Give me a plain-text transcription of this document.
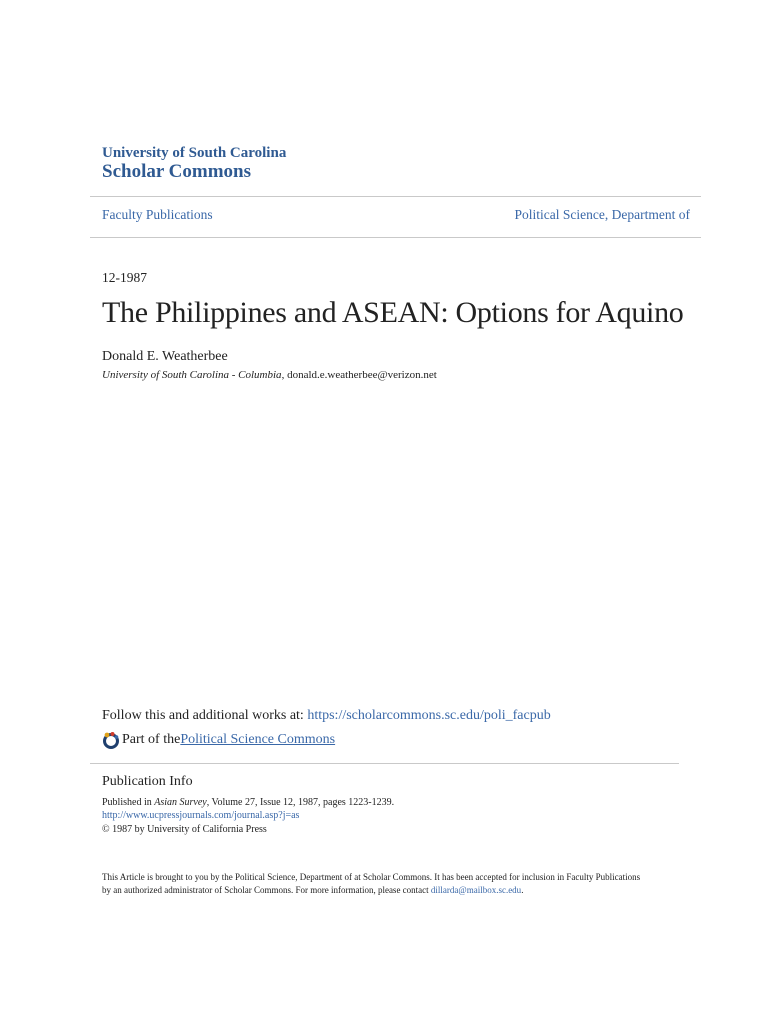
University of South Carolina
Scholar Commons
Faculty Publications	Political Science, Department of
12-1987
The Philippines and ASEAN: Options for Aquino
Donald E. Weatherbee
University of South Carolina - Columbia, donald.e.weatherbee@verizon.net
Follow this and additional works at: https://scholarcommons.sc.edu/poli_facpub
Part of the Political Science Commons
Publication Info
Published in Asian Survey, Volume 27, Issue 12, 1987, pages 1223-1239.
http://www.ucpressjournals.com/journal.asp?j=as
© 1987 by University of California Press
This Article is brought to you by the Political Science, Department of at Scholar Commons. It has been accepted for inclusion in Faculty Publications
by an authorized administrator of Scholar Commons. For more information, please contact dillarda@mailbox.sc.edu.
